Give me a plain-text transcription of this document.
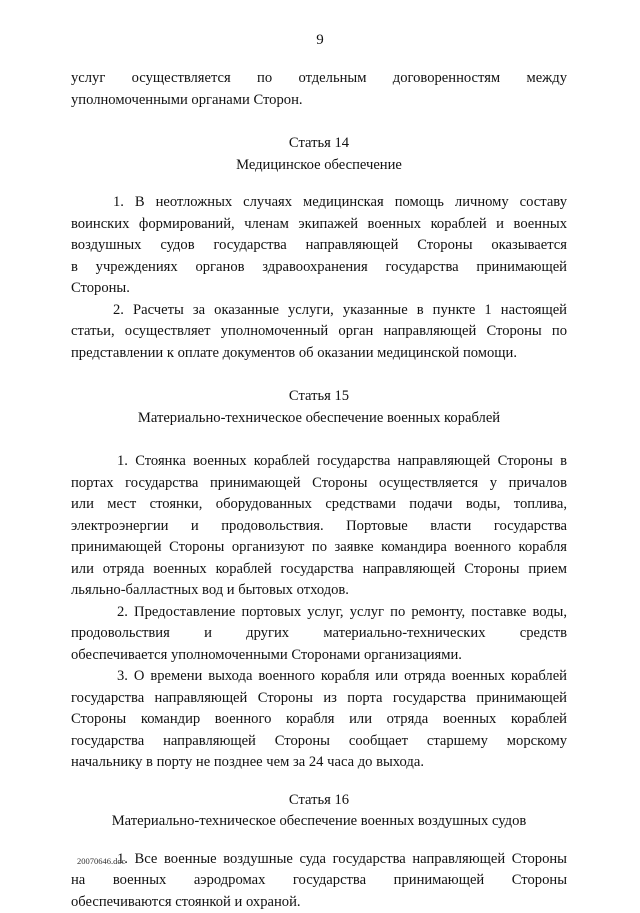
9

услуг осуществляется по отдельным договоренностям между

уполномоченными органами Сторон.

Статья 14

Медицинское обеспечение

1. В неотложных случаях медицинская помощь личному составу

воинских формирований, членам экипажей военных кораблей и военных

воздушных судов государства направляющей Стороны оказывается

в учреждениях органов здравоохранения государства принимающей

Стороны.

2. Расчеты за оказанные услуги, указанные в пункте 1 настоящей

статьи, осуществляет уполномоченный орган направляющей Стороны по

представлении к оплате документов об оказании медицинской помощи.

Статья 15

Материально-техническое обеспечение военных кораблей

1. Стоянка военных кораблей государства направляющей Стороны в

портах государства принимающей Стороны осуществляется у причалов

или мест стоянки, оборудованных средствами подачи воды, топлива,

электроэнергии и продовольствия. Портовые власти государства

принимающей Стороны организуют по заявке командира военного корабля

или отряда военных кораблей государства направляющей Стороны прием

льяльно-балластных вод и бытовых отходов.

2. Предоставление портовых услуг, услуг по ремонту, поставке воды,

продовольствия и других материально-технических средств

обеспечивается уполномоченными Сторонами организациями.

3. О времени выхода военного корабля или отряда военных кораблей

государства направляющей Стороны из порта государства принимающей

Стороны командир военного корабля или отряда военных кораблей

государства направляющей Стороны сообщает старшему морскому

начальнику в порту не позднее чем за 24 часа до выхода.

Статья 16

Материально-техническое обеспечение военных воздушных судов

1. Все военные воздушные суда государства направляющей Стороны

на военных аэродромах государства принимающей Стороны

обеспечиваются стоянкой и охраной.

20070646.doc
